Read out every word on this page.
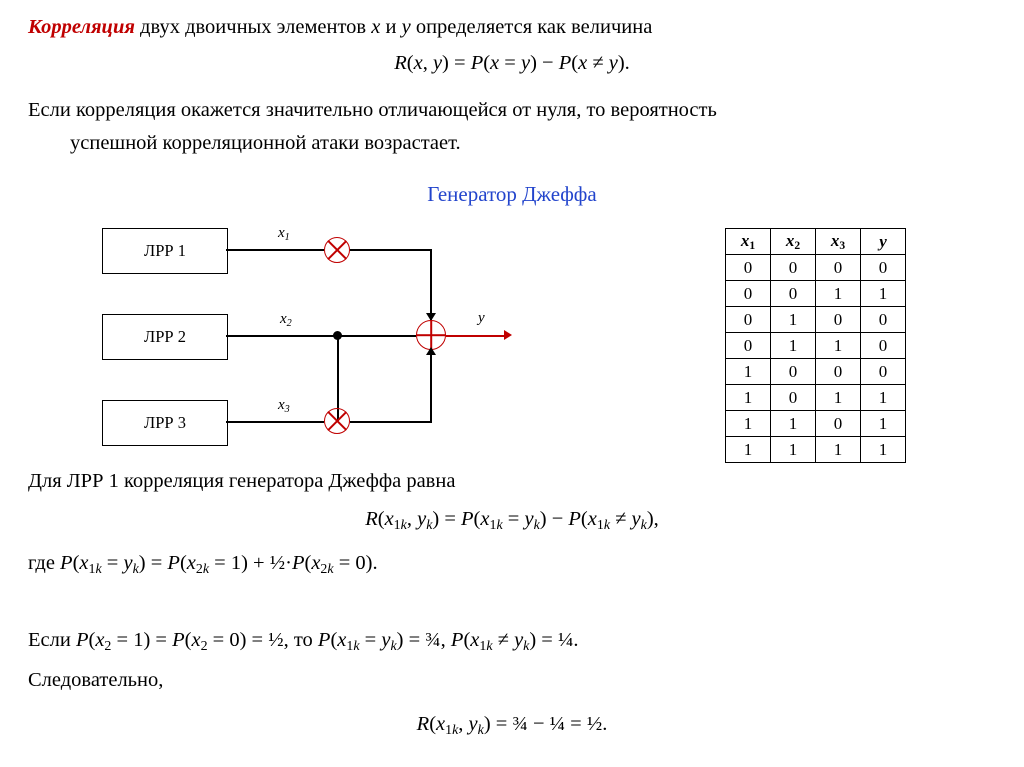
Корреляция двух двоичных элементов x и y определяется как величина
R(x, y) = P(x = y) − P(x ≠ y).
Если корреляция окажется значительно отличающейся от нуля, то вероятность
успешной корреляционной атаки возрастает.
Генератор Джеффа
ЛРР 1
ЛРР 2
ЛРР 3
$x_1$
$x_2$	y
$x_3$
$x_1$	$x_2$	$x_3$	y
0	0	0	0
0	0	1	1
0	1	0	0
0	1	1	0
1	0	0	0
1	0	1	1
1	1	0	1
1	1	1	1
Для ЛРР 1 корреляция генератора Джеффа равна
$R(x_{1k}$, $y_k) = P(x_{1k} = y_k) - P(x_{1k} \ne y_k)$,
где $P(x_{1k} = y_k) = P(x_{2k} = 1)$ + $\frac{1}{2}\cdot P(x_{2k} = 0)$.
Если $P(x_2 = 1) = P(x_2 = 0)$ = ½, то $P(x_{1k} = y_k)$ = ¾, $P(x_{1k} \ne y_k)$ = ¼.
Следовательно,
$R(x_{1k}$, $y_k$) = ¾ − ¼ = ½.
